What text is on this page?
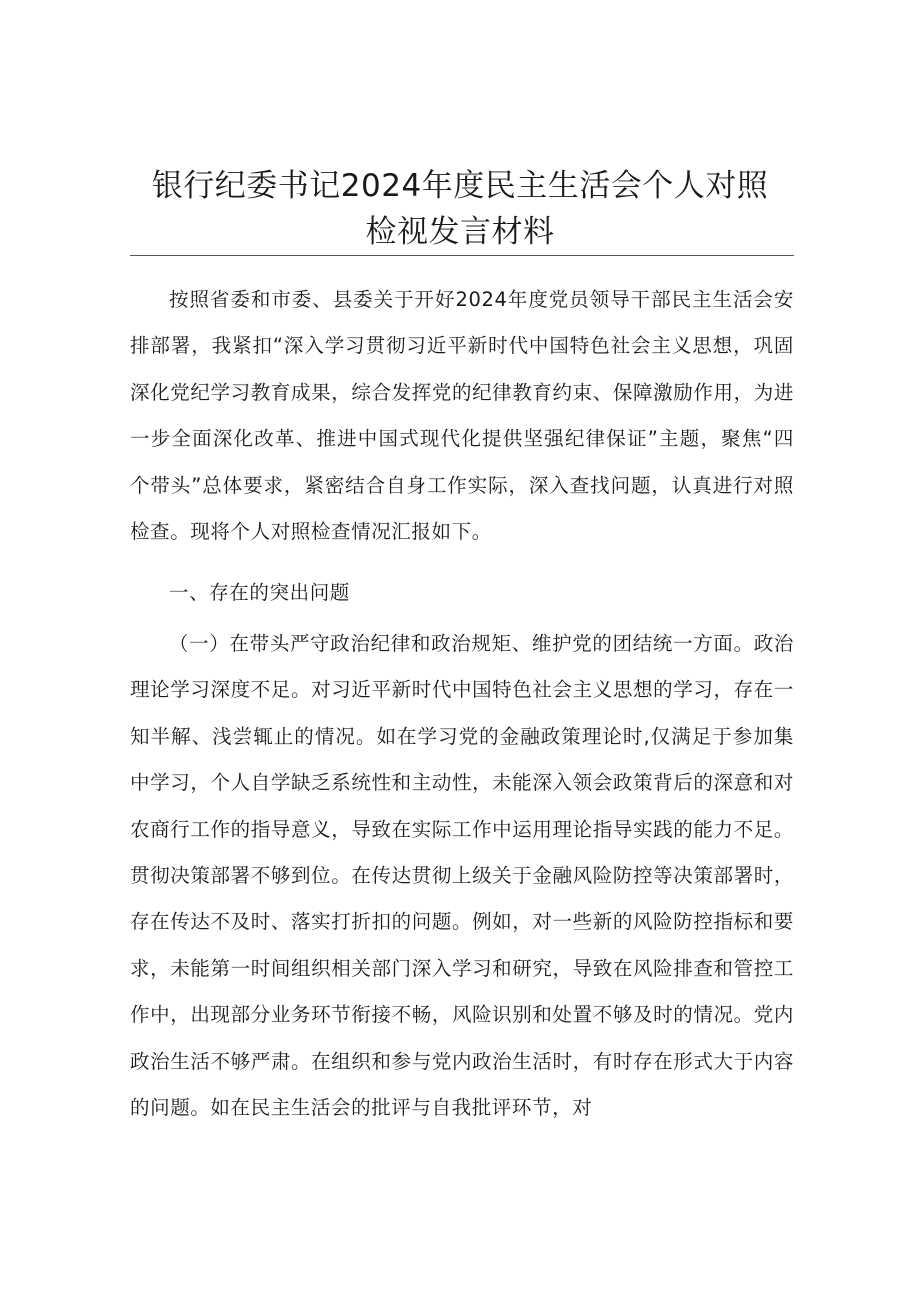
银行纪委书记2024年度民主生活会个人对照
检视发言材料

按照省委和市委、县委关于开好2024年度党员领导干部民主生活会安排部署，我紧扣“深入学习贯彻习近平新时代中国特色社会主义思想，巩固深化党纪学习教育成果，综合发挥党的纪律教育约束、保障激励作用，为进一步全面深化改革、推进中国式现代化提供坚强纪律保证”主题，聚焦“四个带头”总体要求，紧密结合自身工作实际，深入查找问题，认真进行对照检查。现将个人对照检查情况汇报如下。

一、存在的突出问题

（一）在带头严守政治纪律和政治规矩、维护党的团结统一方面。政治理论学习深度不足。对习近平新时代中国特色社会主义思想的学习，存在一知半解、浅尝辄止的情况。如在学习党的金融政策理论时,仅满足于参加集中学习，个人自学缺乏系统性和主动性，未能深入领会政策背后的深意和对农商行工作的指导意义，导致在实际工作中运用理论指导实践的能力不足。贯彻决策部署不够到位。在传达贯彻上级关于金融风险防控等决策部署时，存在传达不及时、落实打折扣的问题。例如，对一些新的风险防控指标和要求，未能第一时间组织相关部门深入学习和研究，导致在风险排查和管控工作中，出现部分业务环节衔接不畅，风险识别和处置不够及时的情况。党内政治生活不够严肃。在组织和参与党内政治生活时，有时存在形式大于内容的问题。如在民主生活会的批评与自我批评环节，对
